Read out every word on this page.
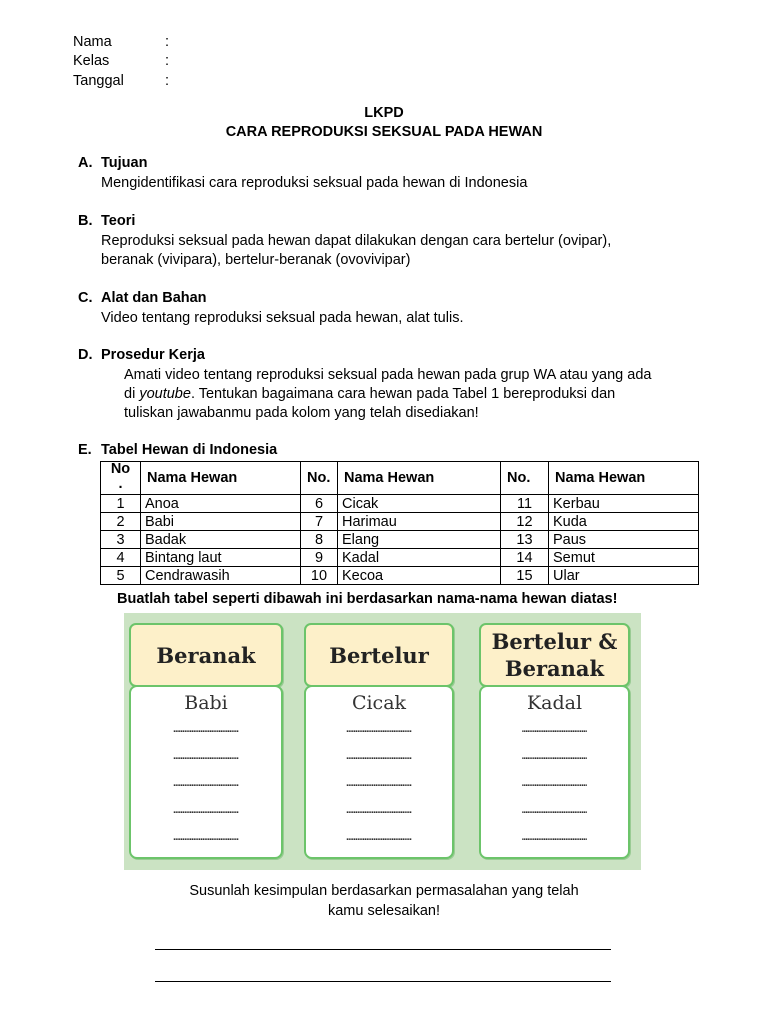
Nama	:
Kelas	:
Tanggal	:
LKPD
CARA REPRODUKSI SEKSUAL PADA HEWAN
A. Tujuan
Mengidentifikasi cara reproduksi seksual pada hewan di Indonesia
B. Teori
Reproduksi seksual pada hewan dapat dilakukan dengan cara bertelur (ovipar),
beranak (vivipara), bertelur-beranak (ovovivipar)
C. Alat dan Bahan
Video tentang reproduksi seksual pada hewan, alat tulis.
D. Prosedur Kerja
Amati video tentang reproduksi seksual pada hewan pada grup WA atau yang ada
di youtube. Tentukan bagaimana cara hewan pada Tabel 1 bereproduksi dan
tuliskan jawabanmu pada kolom yang telah disediakan!
E. Tabel Hewan di Indonesia
No
.	Nama Hewan	No.	Nama Hewan	No.	Nama Hewan
1	Anoa	6	Cicak	11	Kerbau
2	Babi	7	Harimau	12	Kuda
3	Badak	8	Elang	13	Paus
4	Bintang laut	9	Kadal	14	Semut
5	Cendrawasih	10	Kecoa	15	Ular
Buatlah tabel seperti dibawah ini berdasarkan nama-nama hewan diatas!
Beranak
Babi
………………………………
………………………………
………………………………
………………………………
………………………………
Bertelur
Cicak
………………………………
………………………………
………………………………
………………………………
………………………………
Bertelur &
Beranak
Kadal
………………………………
………………………………
………………………………
………………………………
………………………………
Susunlah kesimpulan berdasarkan permasalahan yang telah
kamu selesaikan!
